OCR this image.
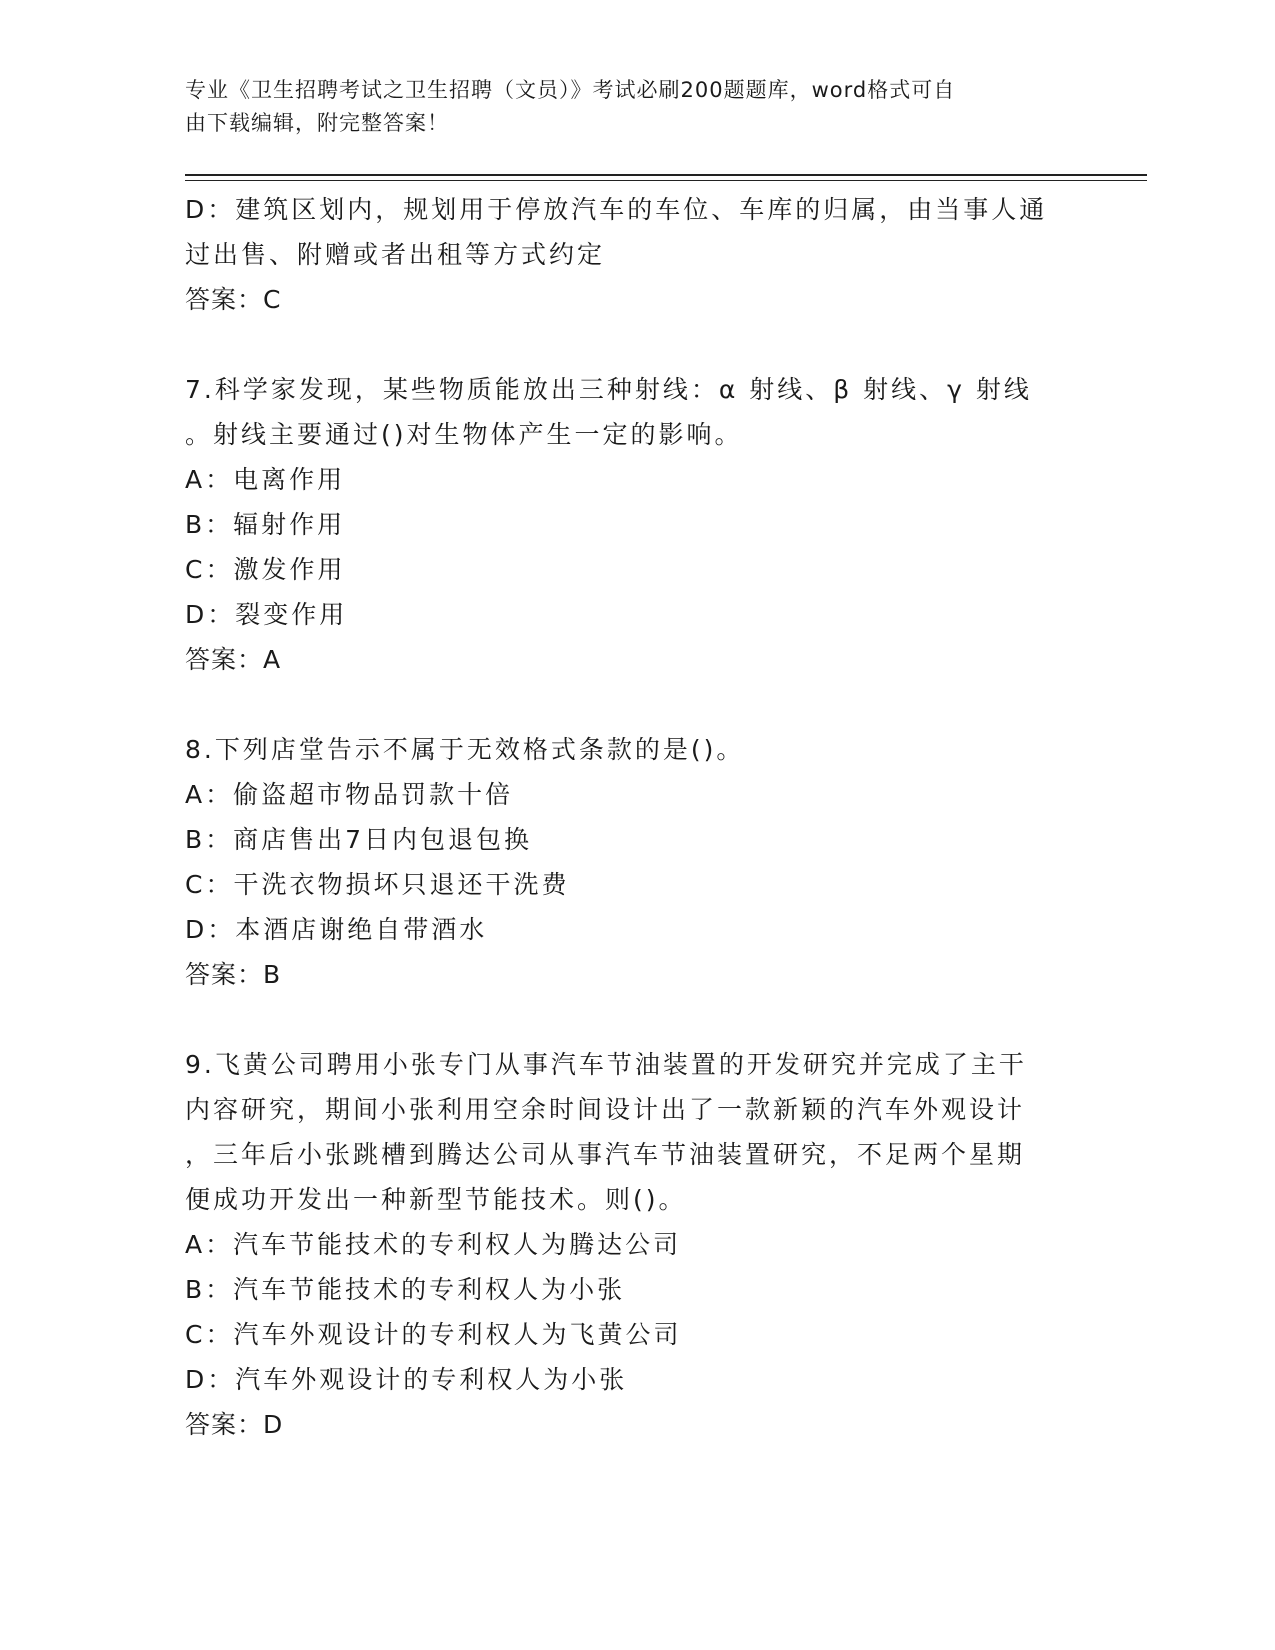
专业《卫生招聘考试之卫生招聘（文员）》考试必刷200题题库，word格式可自
由下载编辑，附完整答案！
D：建筑区划内，规划用于停放汽车的车位、车库的归属，由当事人通
过出售、附赠或者出租等方式约定
答案：C
7.科学家发现，某些物质能放出三种射线：α 射线、β 射线、γ 射线
。射线主要通过()对生物体产生一定的影响。
A：电离作用
B：辐射作用
C：激发作用
D：裂变作用
答案：A
8.下列店堂告示不属于无效格式条款的是()。
A：偷盗超市物品罚款十倍
B：商店售出7日内包退包换
C：干洗衣物损坏只退还干洗费
D：本酒店谢绝自带酒水
答案：B
9.飞黄公司聘用小张专门从事汽车节油装置的开发研究并完成了主干
内容研究，期间小张利用空余时间设计出了一款新颖的汽车外观设计
，三年后小张跳槽到腾达公司从事汽车节油装置研究，不足两个星期
便成功开发出一种新型节能技术。则()。
A：汽车节能技术的专利权人为腾达公司
B：汽车节能技术的专利权人为小张
C：汽车外观设计的专利权人为飞黄公司
D：汽车外观设计的专利权人为小张
答案：D
